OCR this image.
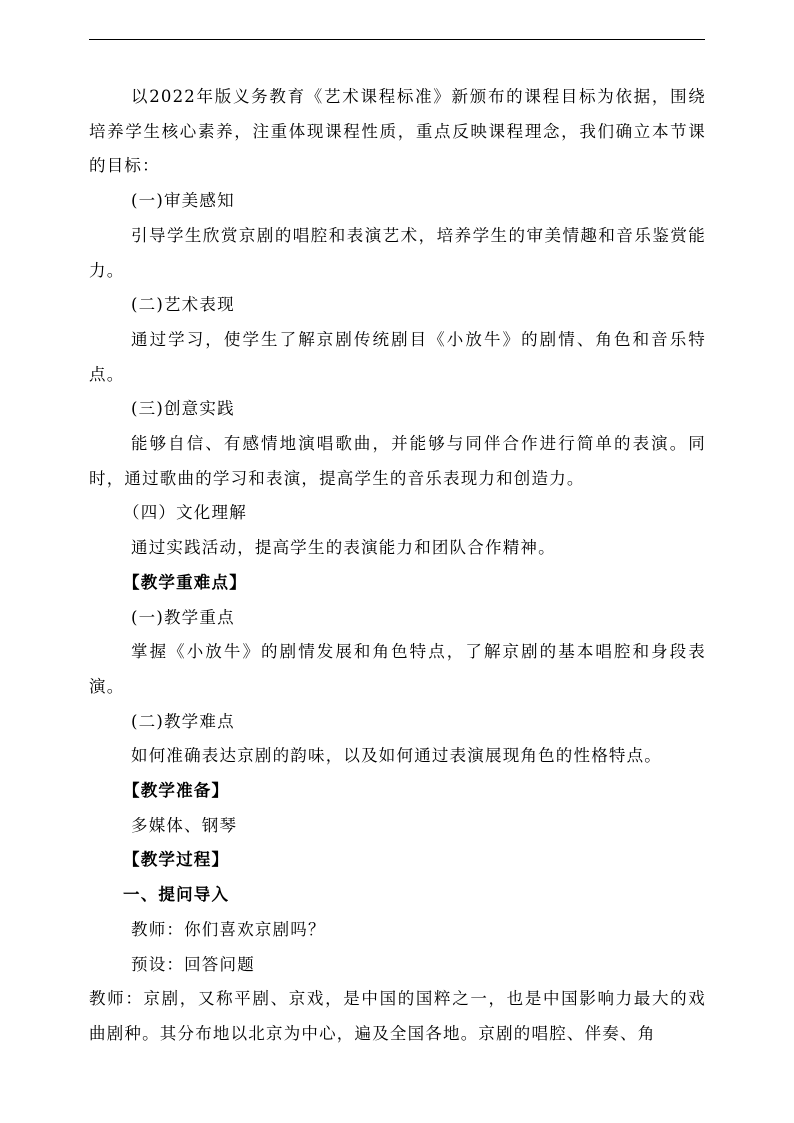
以2022年版义务教育《艺术课程标准》新颁布的课程目标为依据，围绕培养学生核心素养，注重体现课程性质，重点反映课程理念，我们确立本节课的目标：

(一)审美感知

引导学生欣赏京剧的唱腔和表演艺术，培养学生的审美情趣和音乐鉴赏能力。

(二)艺术表现

通过学习，使学生了解京剧传统剧目《小放牛》的剧情、角色和音乐特点。

(三)创意实践

能够自信、有感情地演唱歌曲，并能够与同伴合作进行简单的表演。同时，通过歌曲的学习和表演，提高学生的音乐表现力和创造力。

（四）文化理解

通过实践活动，提高学生的表演能力和团队合作精神。

【教学重难点】

(一)教学重点

掌握《小放牛》的剧情发展和角色特点，了解京剧的基本唱腔和身段表演。

(二)教学难点

如何准确表达京剧的韵味，以及如何通过表演展现角色的性格特点。

【教学准备】

多媒体、钢琴

【教学过程】

一、提问导入

教师：你们喜欢京剧吗？

预设：回答问题

教师：京剧，又称平剧、京戏，是中国的国粹之一，也是中国影响力最大的戏曲剧种。其分布地以北京为中心，遍及全国各地。京剧的唱腔、伴奏、角
